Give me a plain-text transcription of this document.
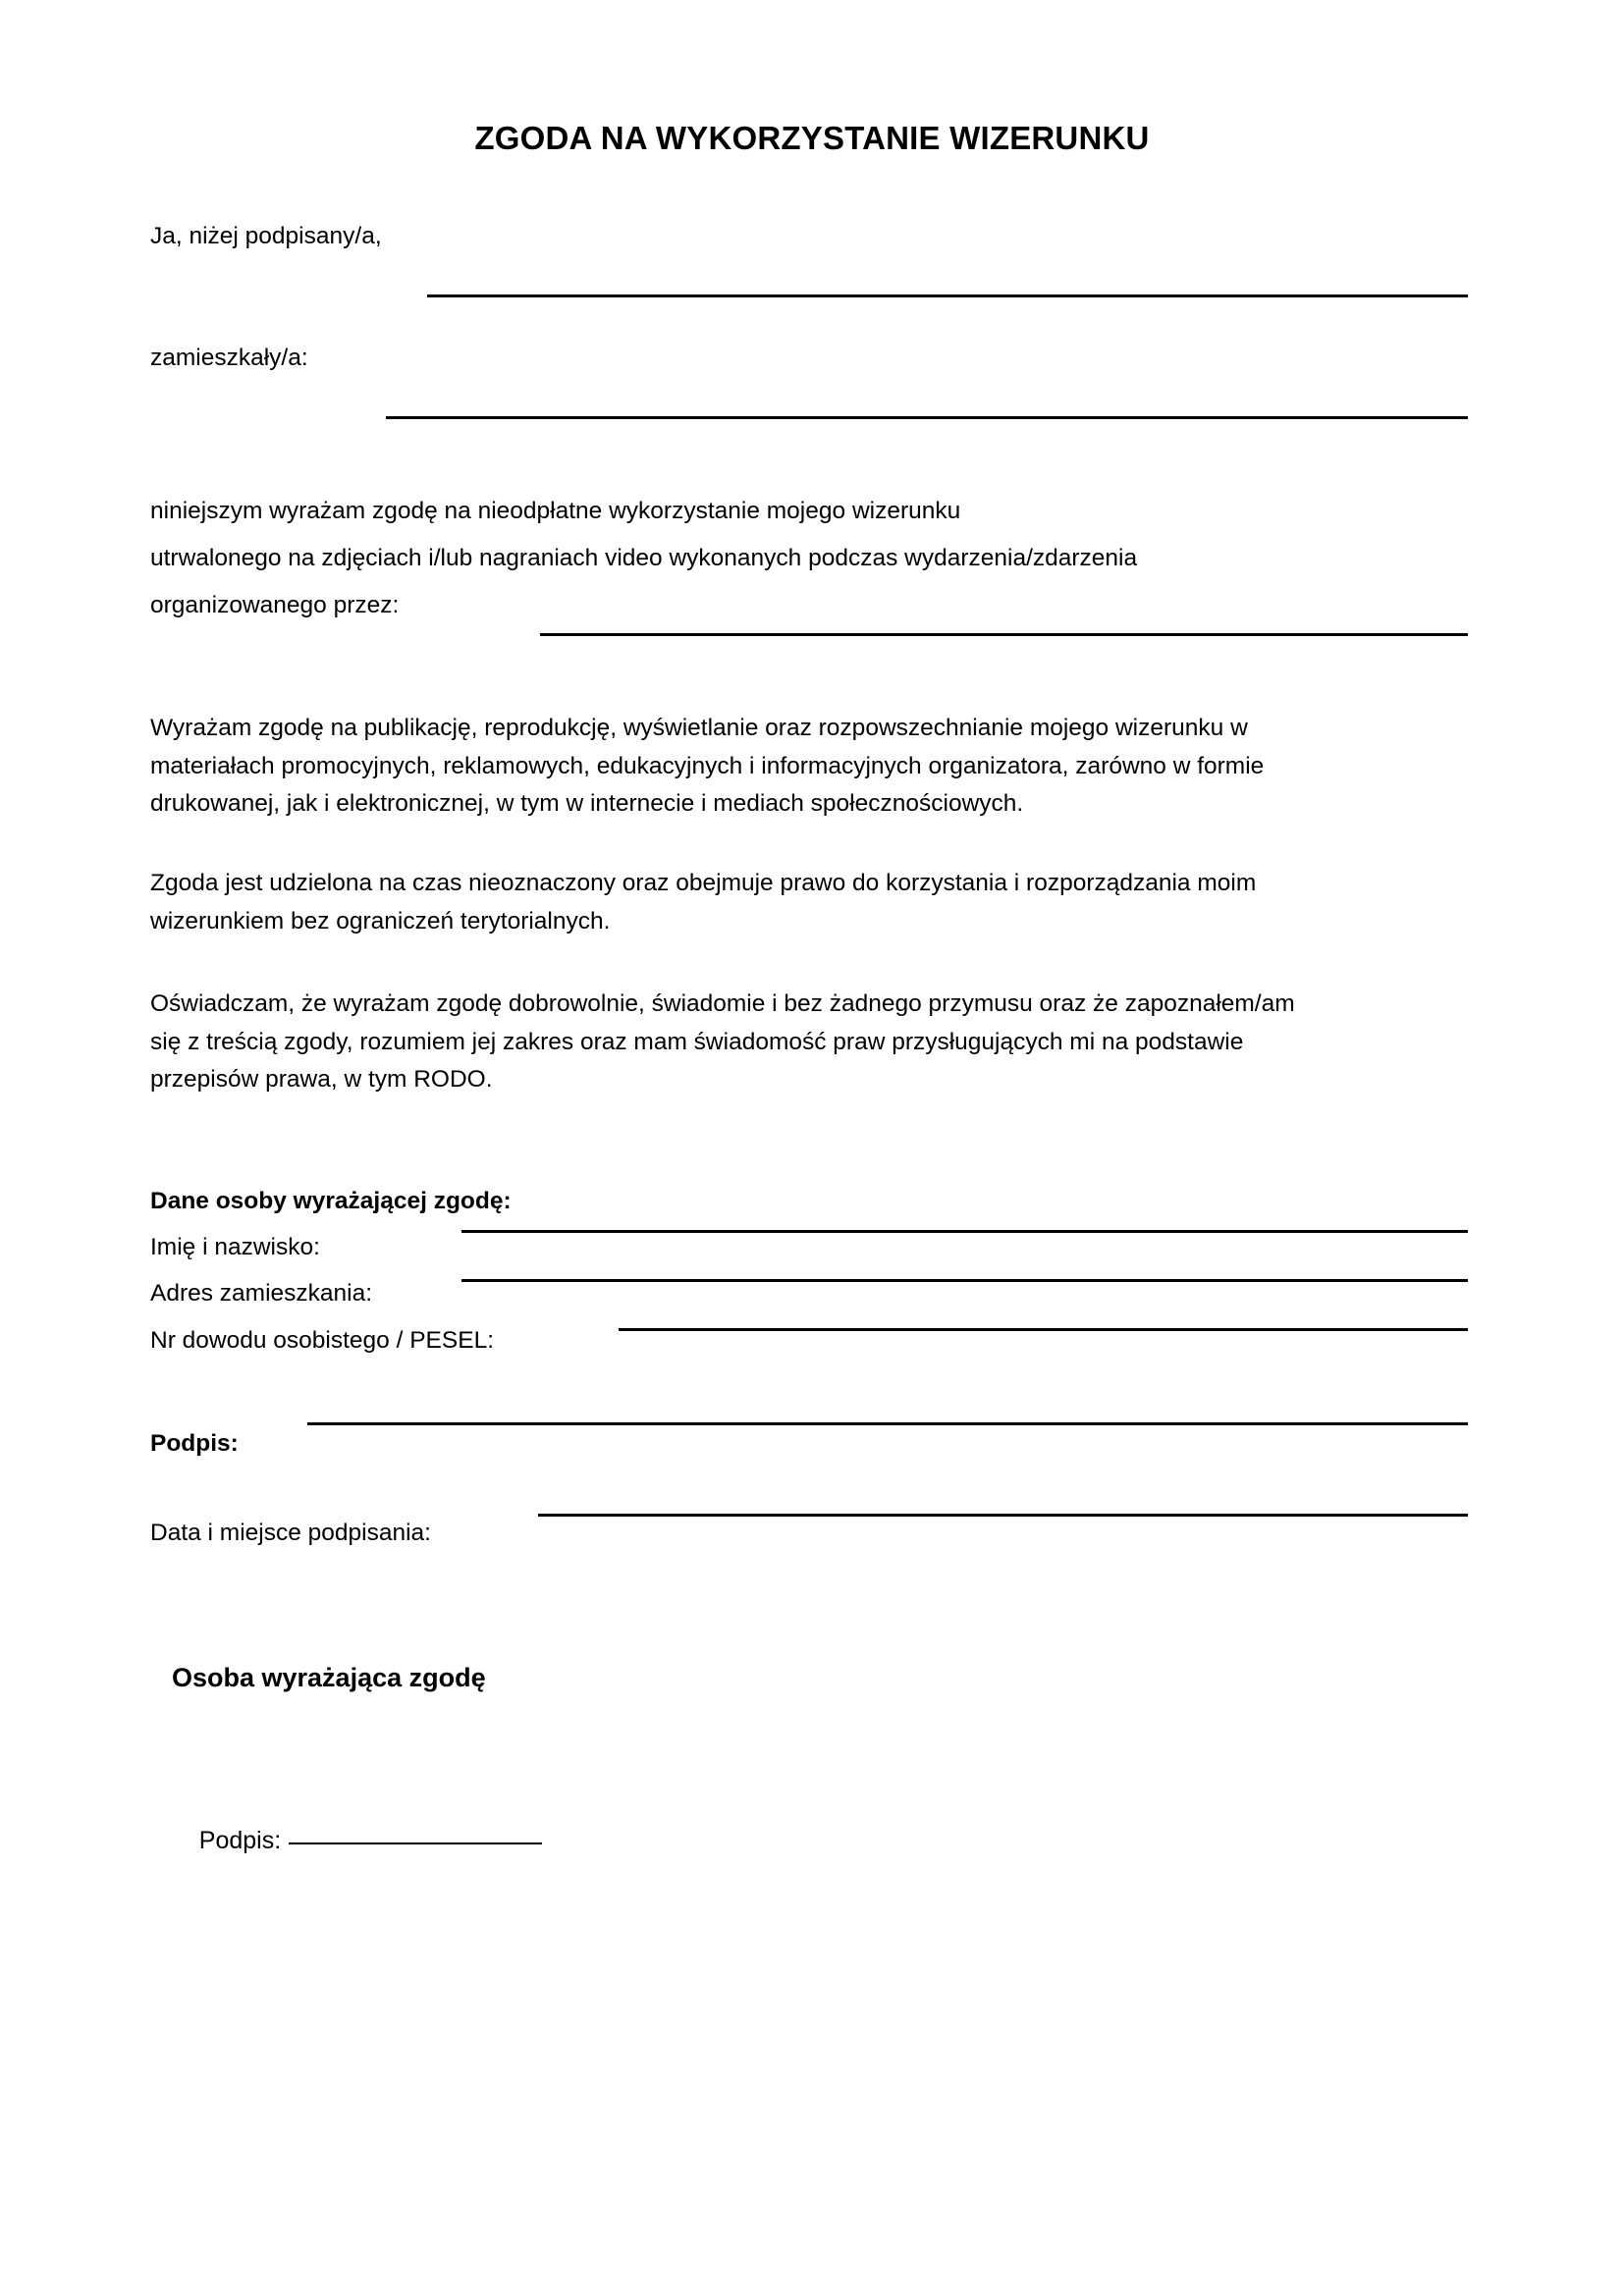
ZGODA NA WYKORZYSTANIE WIZERUNKU
Ja, niżej podpisany/a,
zamieszkały/a:
niniejszym wyrażam zgodę na nieodpłatne wykorzystanie mojego wizerunku
utrwalonego na zdjęciach i/lub nagraniach video wykonanych podczas wydarzenia/zdarzenia
organizowanego przez:
Wyrażam zgodę na publikację, reprodukcję, wyświetlanie oraz rozpowszechnianie mojego wizerunku w
materiałach promocyjnych, reklamowych, edukacyjnych i informacyjnych organizatora, zarówno w formie
drukowanej, jak i elektronicznej, w tym w internecie i mediach społecznościowych.
Zgoda jest udzielona na czas nieoznaczony oraz obejmuje prawo do korzystania i rozporządzania moim
wizerunkiem bez ograniczeń terytorialnych.
Oświadczam, że wyrażam zgodę dobrowolnie, świadomie i bez żadnego przymusu oraz że zapoznałem/am
się z treścią zgody, rozumiem jej zakres oraz mam świadomość praw przysługujących mi na podstawie
przepisów prawa, w tym RODO.
Dane osoby wyrażającej zgodę:
Imię i nazwisko:
Adres zamieszkania:
Nr dowodu osobistego / PESEL:
Podpis:
Data i miejsce podpisania:
Osoba wyrażająca zgodę

Podpis:
